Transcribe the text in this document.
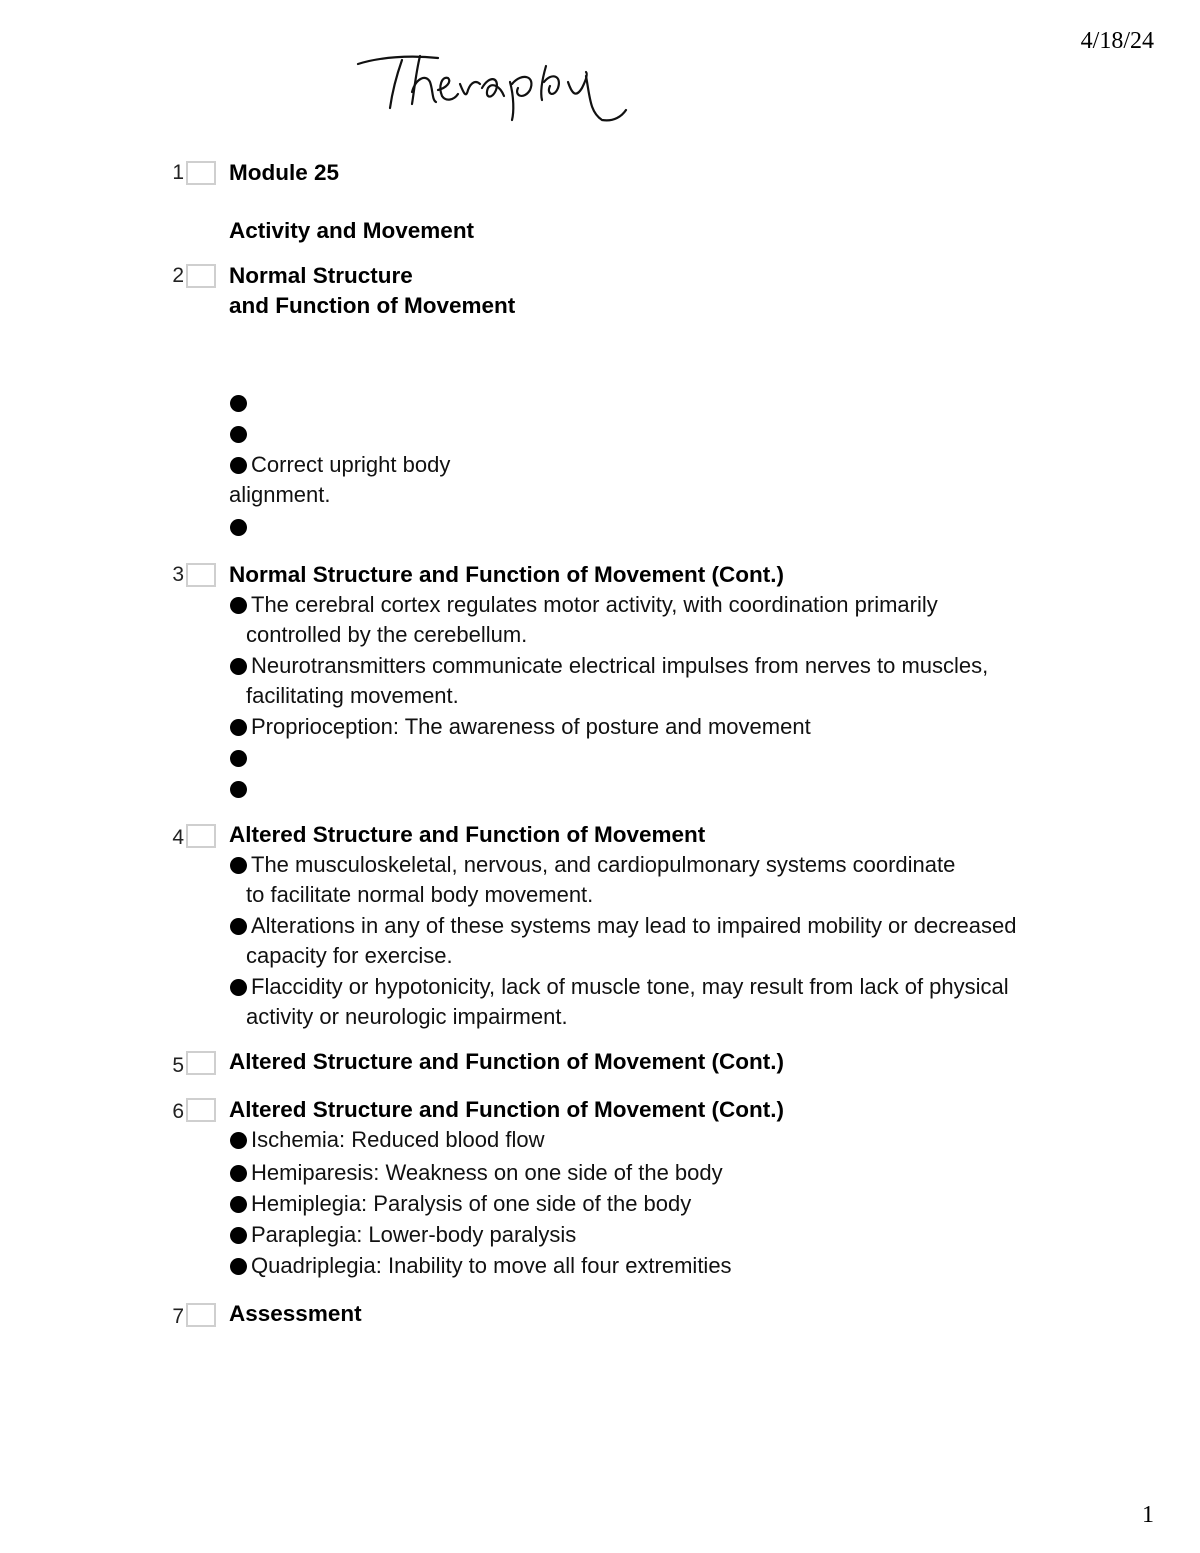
4/18/24
1 Module 25
Activity and Movement
2 Normal Structure
and Function of Movement

Correct upright body alignment.

3 Normal Structure and Function of Movement (Cont.)
The cerebral cortex regulates motor activity, with coordination primarily controlled by the cerebellum.
Neurotransmitters communicate electrical impulses from nerves to muscles, facilitating movement.
Proprioception: The awareness of posture and movement

4 Altered Structure and Function of Movement
The musculoskeletal, nervous, and cardiopulmonary systems coordinate to facilitate normal body movement.
Alterations in any of these systems may lead to impaired mobility or decreased capacity for exercise.
Flaccidity or hypotonicity, lack of muscle tone, may result from lack of physical activity or neurologic impairment.
5 Altered Structure and Function of Movement (Cont.)
6 Altered Structure and Function of Movement (Cont.)
Ischemia: Reduced blood flow
Hemiparesis: Weakness on one side of the body
Hemiplegia: Paralysis of one side of the body
Paraplegia: Lower-body paralysis
Quadriplegia: Inability to move all four extremities
7 Assessment
1
